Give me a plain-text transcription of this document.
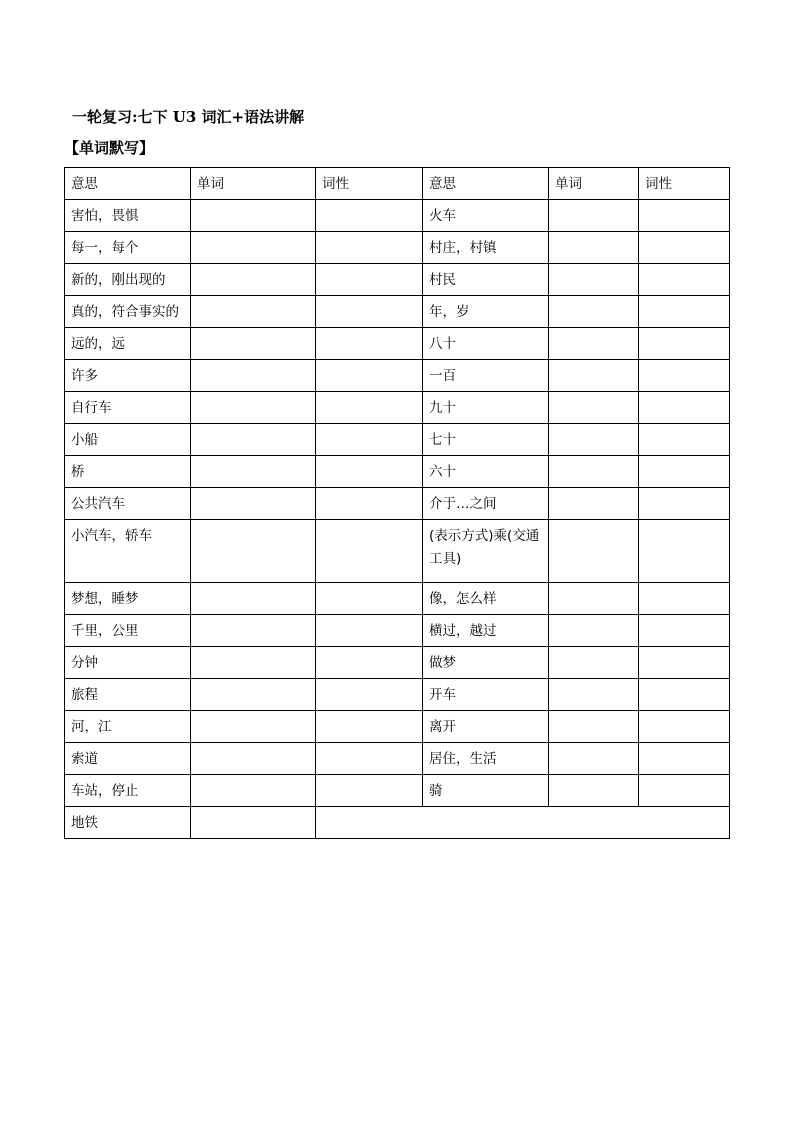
一轮复习:七下 U3 词汇+语法讲解
【单词默写】
意思	单词	词性	意思	单词	词性
害怕，畏惧			火车		
每一，每个			村庄，村镇		
新的，刚出现的			村民		
真的，符合事实的			年，岁		
远的，远			八十		
许多			一百		
自行车			九十		
小船			七十		
桥			六十		
公共汽车			介于…之间		
小汽车，轿车			(表示方式)乘(交通工具)		
梦想，睡梦			像，怎么样		
千里，公里			横过，越过		
分钟			做梦		
旅程			开车		
河，江			离开		
索道			居住，生活		
车站，停止			骑		
地铁					
